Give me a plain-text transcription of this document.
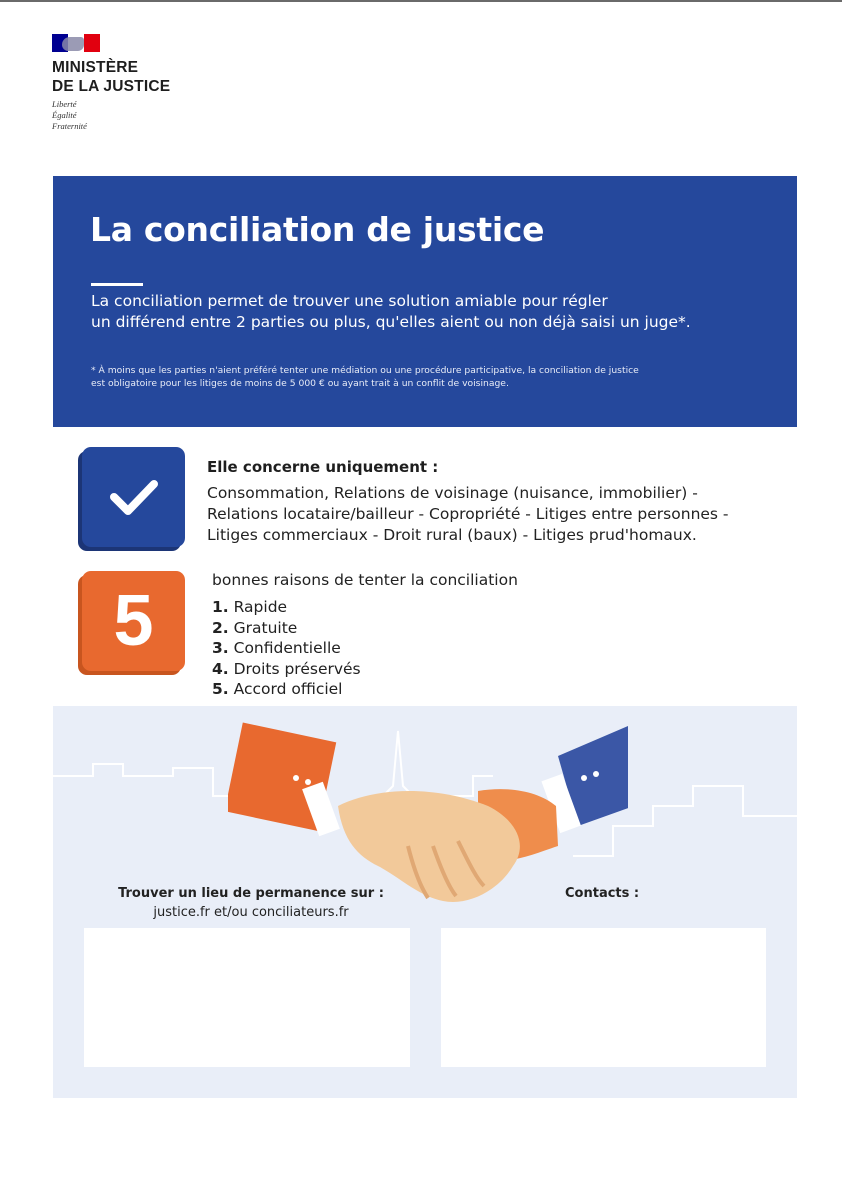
MINISTÈRE
DE LA JUSTICE
Liberté
Égalité
Fraternité
La conciliation de justice
La conciliation permet de trouver une solution amiable pour régler
un différend entre 2 parties ou plus, qu'elles aient ou non déjà saisi un juge*.
* À moins que les parties n'aient préféré tenter une médiation ou une procédure participative, la conciliation de justice
est obligatoire pour les litiges de moins de 5 000 € ou ayant trait à un conflit de voisinage.
Elle concerne uniquement :
Consommation, Relations de voisinage (nuisance, immobilier) -
Relations locataire/bailleur - Copropriété - Litiges entre personnes -
Litiges commerciaux - Droit rural (baux) - Litiges prud'homaux.
5
bonnes raisons de tenter la conciliation
1. Rapide
2. Gratuite
3. Confidentielle
4. Droits préservés
5. Accord officiel
Trouver un lieu de permanence sur :
justice.fr et/ou conciliateurs.fr
Contacts :
